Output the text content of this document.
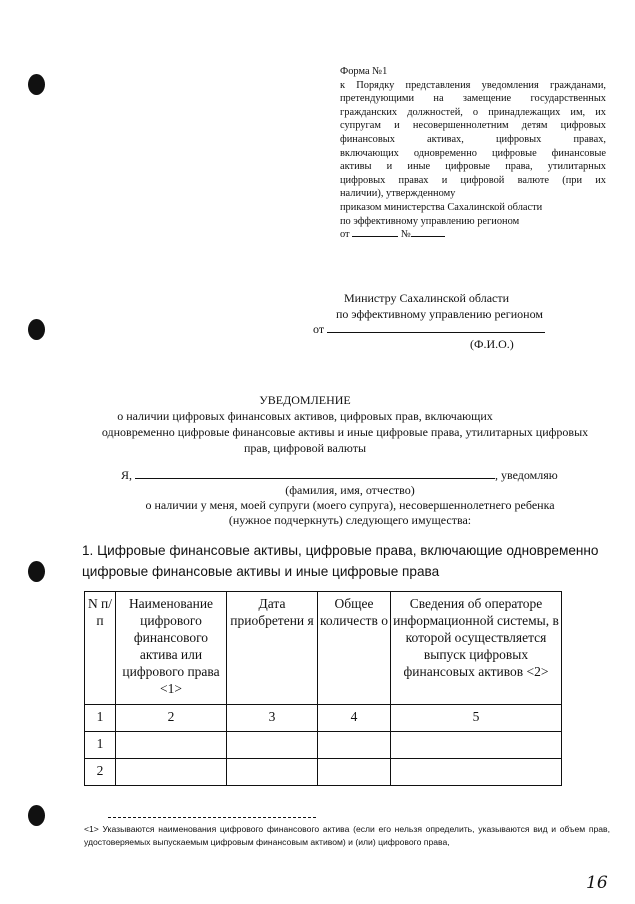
Форма №1
к Порядку представления уведомления гражданами,
претендующими на замещение государственных
гражданских должностей, о принадлежащих им, их
супругам и несовершеннолетним детям цифровых
финансовых активах, цифровых правах,
включающих одновременно цифровые финансовые
активы и иные цифровые права, утилитарных
цифровых правах и цифровой валюте (при их
наличии), утвержденному
приказом министерства Сахалинской области
по эффективному управлению регионом
от	№
Министру Сахалинской области
по эффективному управлению регионом
от
(Ф.И.О.)
УВЕДОМЛЕНИЕ
о наличии цифровых финансовых активов, цифровых прав, включающих
одновременно цифровые финансовые активы и иные цифровые права, утилитарных цифровых
прав, цифровой валюты
Я,	, уведомляю
(фамилия, имя, отчество)
о наличии у меня, моей супруги (моего супруга), несовершеннолетнего ребенка
(нужное подчеркнуть) следующего имущества:
1. Цифровые финансовые активы, цифровые права, включающие одновременно цифровые финансовые активы и иные цифровые права
N п/п	Наименование цифрового финансового актива или цифрового права <1>	Дата приобретени я	Общее количеств о	Сведения об операторе информационной системы, в которой осуществляется выпуск цифровых финансовых активов <2>
1	2	3	4	5
1				
2				
<1> Указываются наименования цифрового финансового актива (если его нельзя определить, указываются вид и объем прав, удостоверяемых выпускаемым цифровым финансовым активом) и (или) цифрового права,
16
